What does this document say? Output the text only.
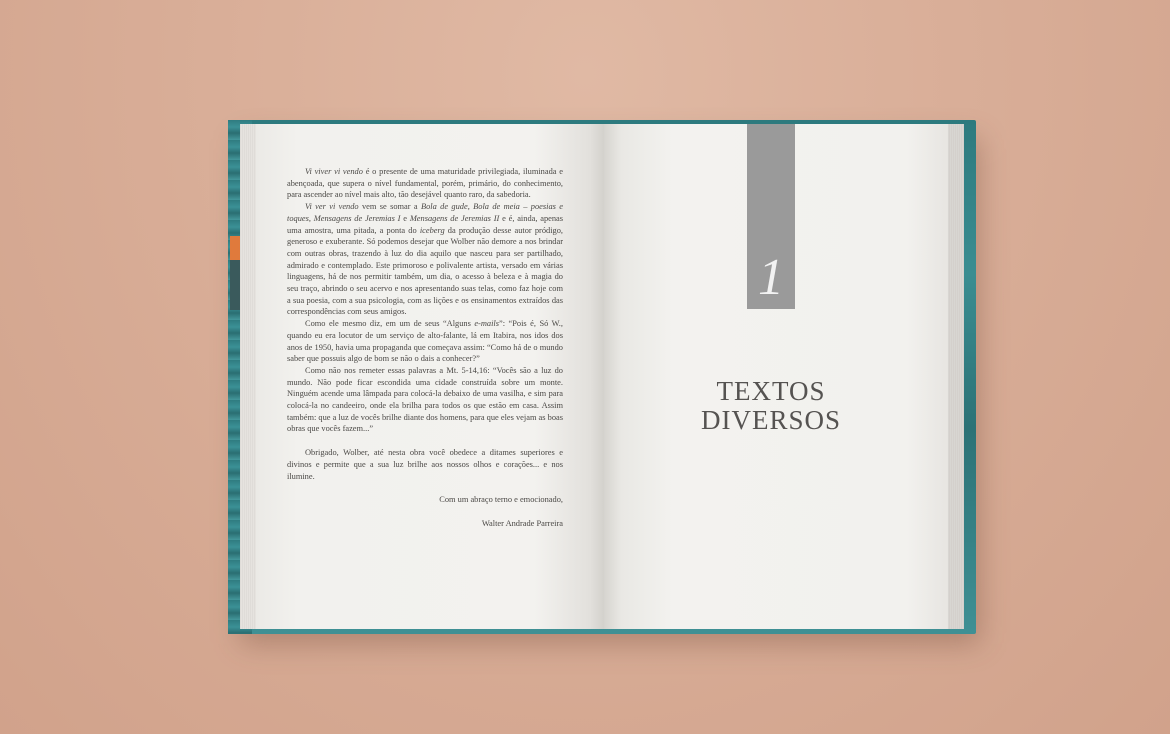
Vi viver vi vendo é o presente de uma maturidade privilegiada, iluminada e abençoada, que supera o nível fundamental, porém, primário, do conhecimento, para ascender ao nível mais alto, tão desejável quanto raro, da sabedoria.

Vi ver vi vendo vem se somar a Bola de gude, Bola de meia – poesias e toques, Mensagens de Jeremias I e Mensagens de Jeremias II e é, ainda, apenas uma amostra, uma pitada, a ponta do iceberg da produção desse autor pródigo, generoso e exuberante. Só podemos desejar que Wolber não demore a nos brindar com outras obras, trazendo à luz do dia aquilo que nasceu para ser partilhado, admirado e contemplado. Este primoroso e polivalente artista, versado em várias linguagens, há de nos permitir também, um dia, o acesso à beleza e à magia do seu traço, abrindo o seu acervo e nos apresentando suas telas, como faz hoje com a sua poesia, com a sua psicologia, com as lições e os ensinamentos extraídos das correspondências com seus amigos.

Como ele mesmo diz, em um de seus “Alguns e-mails”: “Pois é, Só W., quando eu era locutor de um serviço de alto-falante, lá em Itabira, nos idos dos anos de 1950, havia uma propaganda que começava assim: “Como há de o mundo saber que possuis algo de bom se não o dais a conhecer?”

Como não nos remeter essas palavras a Mt. 5-14,16: “Vocês são a luz do mundo. Não pode ficar escondida uma cidade construída sobre um monte. Ninguém acende uma lâmpada para colocá-la debaixo de uma vasilha, e sim para colocá-la no candeeiro, onde ela brilha para todos os que estão em casa. Assim também: que a luz de vocês brilhe diante dos homens, para que eles vejam as boas obras que vocês fazem...”

Obrigado, Wolber, até nesta obra você obedece a ditames superiores e divinos e permite que a sua luz brilhe aos nossos olhos e corações... e nos ilumine.

Com um abraço terno e emocionado,

Walter Andrade Parreira

1
TEXTOS
DIVERSOS
